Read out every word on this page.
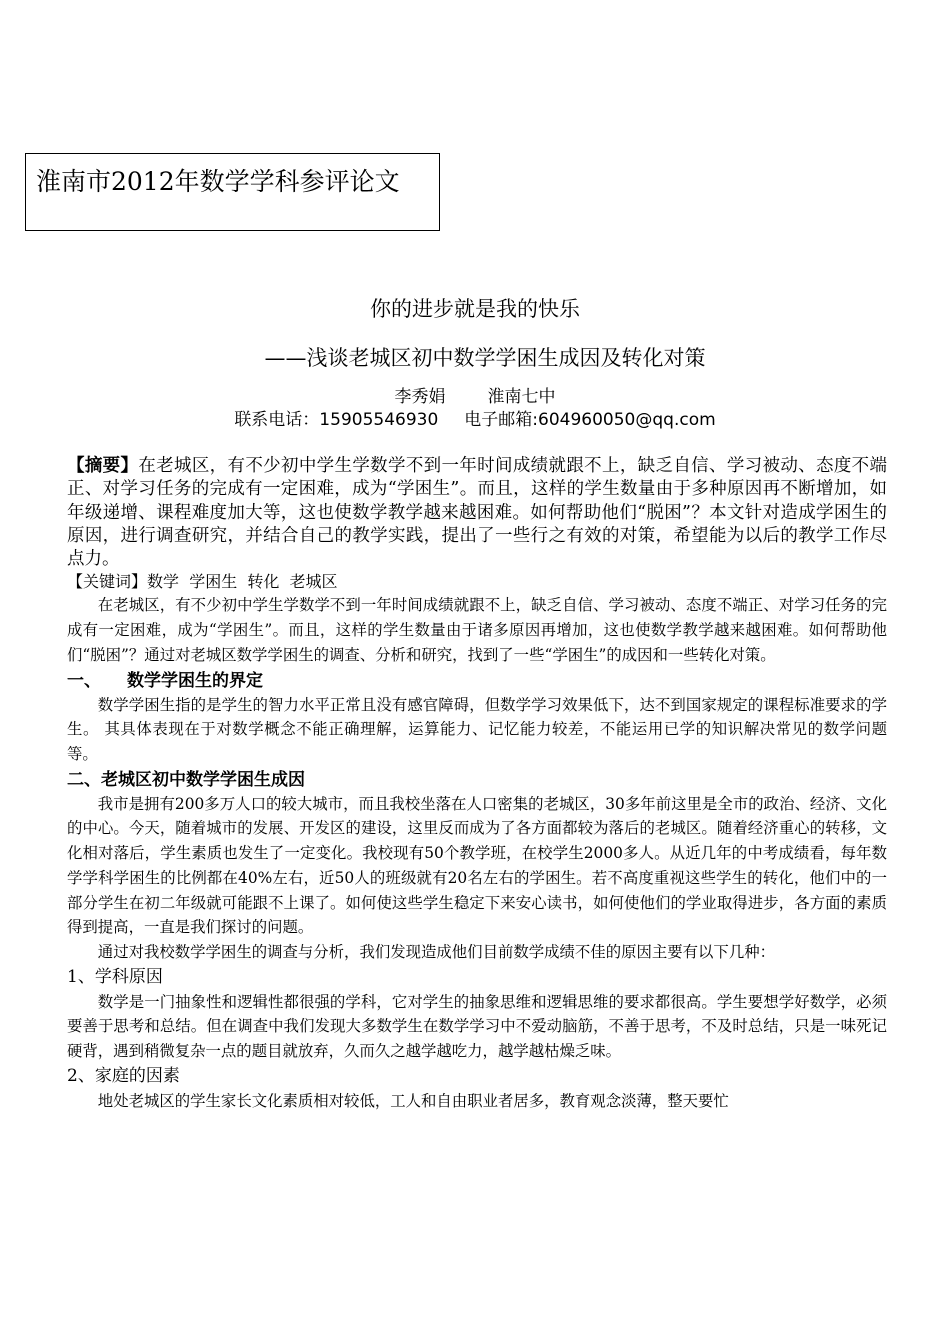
淮南市2012年数学学科参评论文
你的进步就是我的快乐
——浅谈老城区初中数学学困生成因及转化对策
李秀娟 淮南七中
联系电话：15905546930 电子邮箱:604960050@qq.com

【摘要】在老城区，有不少初中学生学数学不到一年时间成绩就跟不上，缺乏自信、学习被动、态度不端正、对学习任务的完成有一定困难，成为“学困生”。而且，这样的学生数量由于多种原因再不断增加，如年级递增、课程难度加大等，这也使数学教学越来越困难。如何帮助他们“脱困”？本文针对造成学困生的原因，进行调查研究，并结合自己的教学实践，提出了一些行之有效的对策，希望能为以后的教学工作尽点力。

【关键词】数学  学困生  转化  老城区

在老城区，有不少初中学生学数学不到一年时间成绩就跟不上，缺乏自信、学习被动、态度不端正、对学习任务的完成有一定困难，成为“学困生”。而且，这样的学生数量由于诸多原因再增加，这也使数学教学越来越困难。如何帮助他们“脱困”？通过对老城区数学学困生的调查、分析和研究，找到了一些“学困生”的成因和一些转化对策。

一、 数学学困生的界定

数学学困生指的是学生的智力水平正常且没有感官障碍，但数学学习效果低下，达不到国家规定的课程标准要求的学生。 其具体表现在于对数学概念不能正确理解，运算能力、记忆能力较差，不能运用已学的知识解决常见的数学问题等。

二、老城区初中数学学困生成因

我市是拥有200多万人口的较大城市，而且我校坐落在人口密集的老城区，30多年前这里是全市的政治、经济、文化的中心。今天，随着城市的发展、开发区的建设，这里反而成为了各方面都较为落后的老城区。随着经济重心的转移，文化相对落后，学生素质也发生了一定变化。我校现有50个教学班，在校学生2000多人。从近几年的中考成绩看，每年数学学科学困生的比例都在40%左右，近50人的班级就有20名左右的学困生。若不高度重视这些学生的转化，他们中的一部分学生在初二年级就可能跟不上课了。如何使这些学生稳定下来安心读书，如何使他们的学业取得进步，各方面的素质得到提高，一直是我们探讨的问题。

通过对我校数学学困生的调查与分析，我们发现造成他们目前数学成绩不佳的原因主要有以下几种：

1、学科原因

数学是一门抽象性和逻辑性都很强的学科，它对学生的抽象思维和逻辑思维的要求都很高。学生要想学好数学，必须要善于思考和总结。但在调查中我们发现大多数学生在数学学习中不爱动脑筋，不善于思考，不及时总结，只是一味死记硬背，遇到稍微复杂一点的题目就放弃，久而久之越学越吃力，越学越枯燥乏味。

2、家庭的因素

地处老城区的学生家长文化素质相对较低，工人和自由职业者居多，教育观念淡薄，整天要忙
